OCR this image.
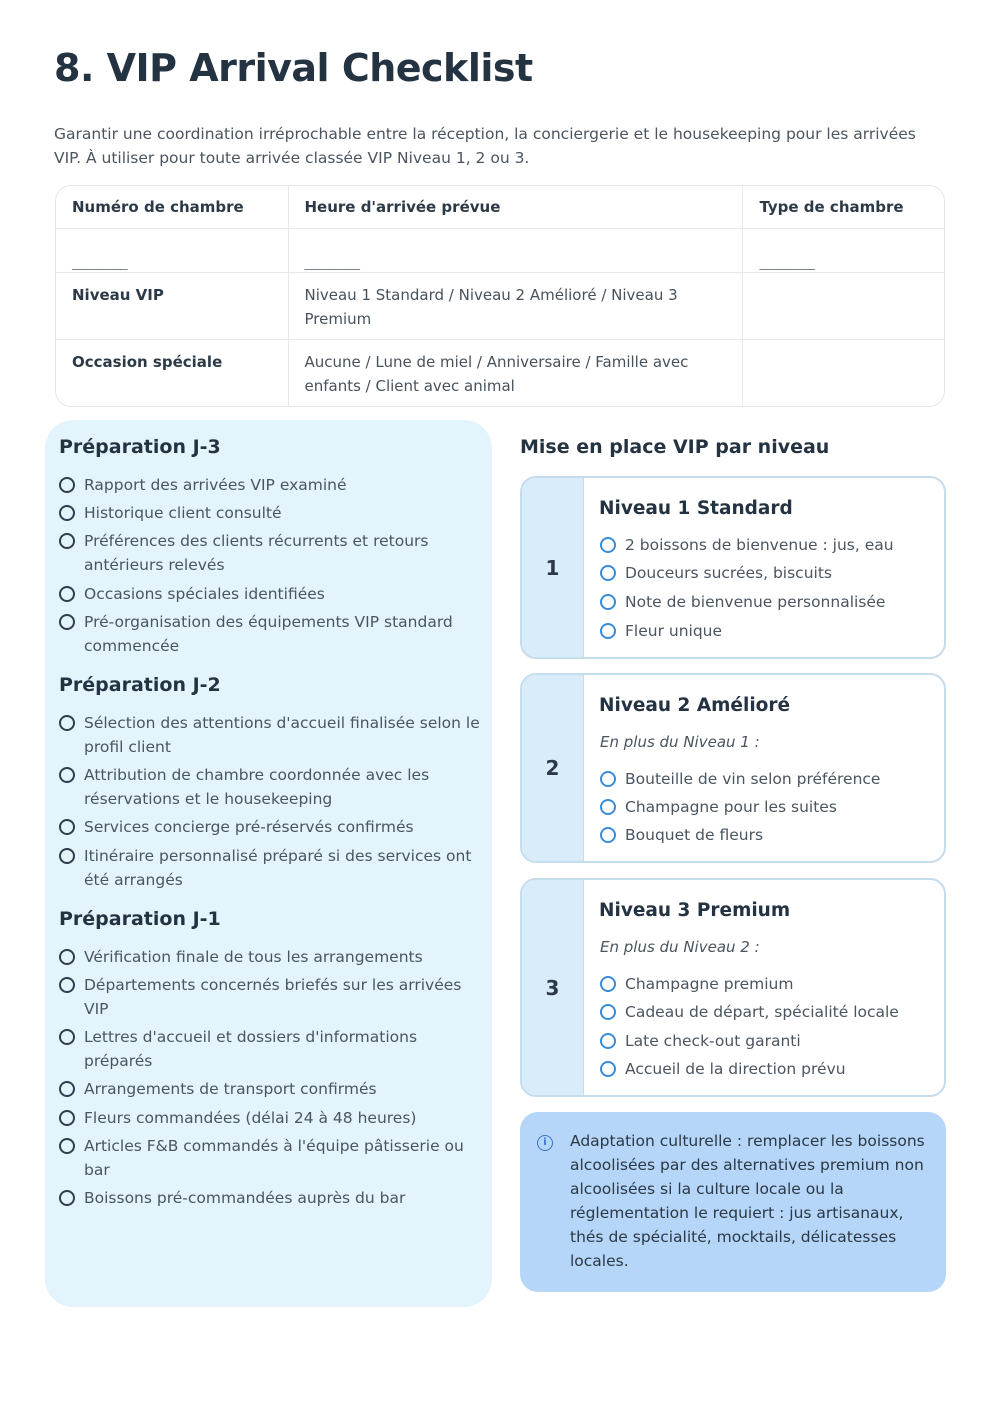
8. VIP Arrival Checklist
Garantir une coordination irréprochable entre la réception, la conciergerie et le housekeeping pour les arrivées VIP. À utiliser pour toute arrivée classée VIP Niveau 1, 2 ou 3.
Numéro de chambre	Heure d'arrivée prévue	Type de chambre
__________	__________	__________
Niveau VIP	Niveau 1 Standard / Niveau 2 Amélioré / Niveau 3 Premium
Occasion spéciale	Aucune / Lune de miel / Anniversaire / Famille avec enfants / Client avec animal
Préparation J-3
Rapport des arrivées VIP examiné
Historique client consulté
Préférences des clients récurrents et retours antérieurs relevés
Occasions spéciales identifiées
Pré-organisation des équipements VIP standard commencée
Préparation J-2
Sélection des attentions d'accueil finalisée selon le profil client
Attribution de chambre coordonnée avec les réservations et le housekeeping
Services concierge pré-réservés confirmés
Itinéraire personnalisé préparé si des services ont été arrangés
Préparation J-1
Vérification finale de tous les arrangements
Départements concernés briefés sur les arrivées VIP
Lettres d'accueil et dossiers d'informations préparés
Arrangements de transport confirmés
Fleurs commandées (délai 24 à 48 heures)
Articles F&B commandés à l'équipe pâtisserie ou bar
Boissons pré-commandées auprès du bar
Mise en place VIP par niveau
1
Niveau 1 Standard
2 boissons de bienvenue : jus, eau
Douceurs sucrées, biscuits
Note de bienvenue personnalisée
Fleur unique
2
Niveau 2 Amélioré
En plus du Niveau 1 :
Bouteille de vin selon préférence
Champagne pour les suites
Bouquet de fleurs
3
Niveau 3 Premium
En plus du Niveau 2 :
Champagne premium
Cadeau de départ, spécialité locale
Late check-out garanti
Accueil de la direction prévu
i	Adaptation culturelle : remplacer les boissons alcoolisées par des alternatives premium non alcoolisées si la culture locale ou la réglementation le requiert : jus artisanaux, thés de spécialité, mocktails, délicatesses locales.
